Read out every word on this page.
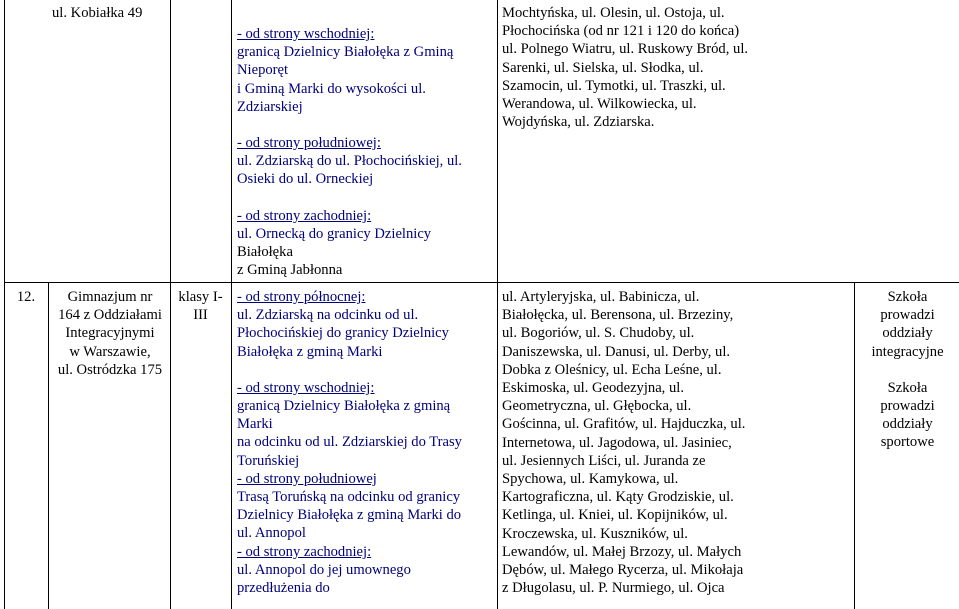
ul. Kobiałka 49
- od strony wschodniej:
granicą Dzielnicy Białołęka z Gminą
Nieporęt
i Gminą Marki do wysokości ul.
Zdziarskiej
- od strony południowej:
ul. Zdziarską do ul. Płochocińskiej, ul.
Osieki do ul. Orneckiej
- od strony zachodniej:
ul. Ornecką do granicy Dzielnicy
Białołęka
z Gminą Jabłonna
Mochtyńska, ul. Olesin, ul. Ostoja, ul.
Płochocińska (od nr 121 i 120 do końca)
ul. Polnego Wiatru, ul. Ruskowy Bród, ul.
Sarenki, ul. Sielska, ul. Słodka, ul.
Szamocin, ul. Tymotki, ul. Traszki, ul.
Werandowa, ul. Wilkowiecka, ul.
Wojdyńska, ul. Zdziarska.
12.	Gimnazjum nr
164 z Oddziałami
Integracyjnymi
w Warszawie,
ul. Ostródzka 175
klasy I-
III
- od strony północnej:
ul. Zdziarską na odcinku od ul.
Płochocińskiej do granicy Dzielnicy
Białołęka z gminą Marki
- od strony wschodniej:
granicą Dzielnicy Białołęka z gminą
Marki
na odcinku od ul. Zdziarskiej do Trasy
Toruńskiej
- od strony południowej
Trasą Toruńską na odcinku od granicy
Dzielnicy Białołęka z gminą Marki do
ul. Annopol
- od strony zachodniej:
ul. Annopol do jej umownego
przedłużenia do
ul. Artyleryjska, ul. Babinicza, ul.
Białołęcka, ul. Berensona, ul. Brzeziny,
ul. Bogoriów, ul. S. Chudoby, ul.
Daniszewska, ul. Danusi, ul. Derby, ul.
Dobka z Oleśnicy, ul. Echa Leśne, ul.
Eskimoska, ul. Geodezyjna, ul.
Geometryczna, ul. Głębocka, ul.
Gościnna, ul. Grafitów, ul. Hajduczka, ul.
Internetowa, ul. Jagodowa, ul. Jasiniec,
ul. Jesiennych Liści, ul. Juranda ze
Spychowa, ul. Kamykowa, ul.
Kartograficzna, ul. Kąty Grodziskie, ul.
Ketlinga, ul. Kniei, ul. Kopijników, ul.
Kroczewska, ul. Kuszników, ul.
Lewandów, ul. Małej Brzozy, ul. Małych
Dębów, ul. Małego Rycerza, ul. Mikołaja
z Długolasu, ul. P. Nurmiego, ul. Ojca
Szkoła
prowadzi
oddziały
integracyjne
Szkoła
prowadzi
oddziały
sportowe
